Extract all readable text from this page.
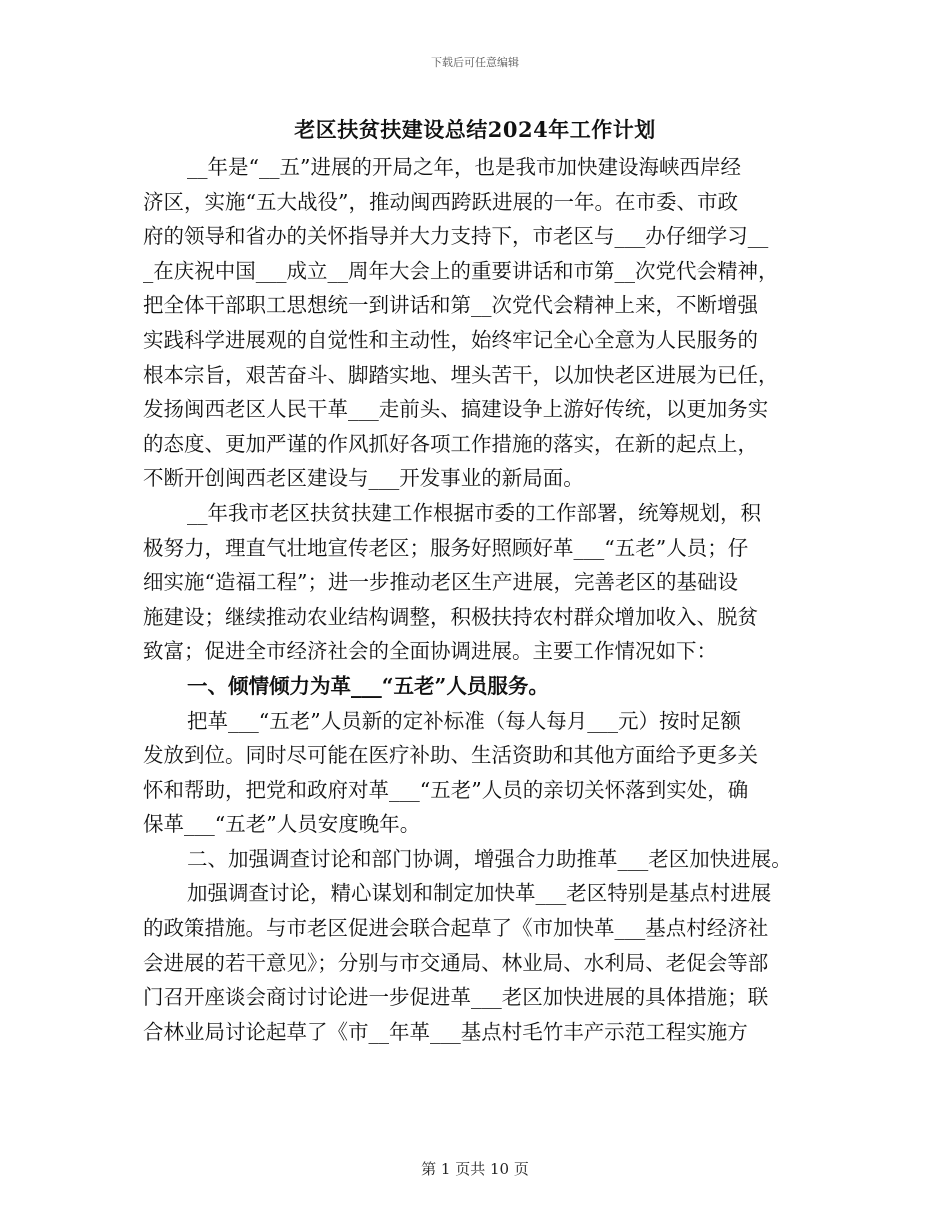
下载后可任意编辑
老区扶贫扶建设总结2024年工作计划
__年是“__五”进展的开局之年，也是我市加快建设海峡西岸经
济区，实施“五大战役”，推动闽西跨跃进展的一年。在市委、市政
府的领导和省办的关怀指导并大力支持下，市老区与___办仔细学习__
_在庆祝中国___成立__周年大会上的重要讲话和市第__次党代会精神，
把全体干部职工思想统一到讲话和第__次党代会精神上来，不断增强
实践科学进展观的自觉性和主动性，始终牢记全心全意为人民服务的
根本宗旨，艰苦奋斗、脚踏实地、埋头苦干，以加快老区进展为已任，
发扬闽西老区人民干革___走前头、搞建设争上游好传统，以更加务实
的态度、更加严谨的作风抓好各项工作措施的落实，在新的起点上，
不断开创闽西老区建设与___开发事业的新局面。
__年我市老区扶贫扶建工作根据市委的工作部署，统筹规划，积
极努力，理直气壮地宣传老区；服务好照顾好革___“五老”人员；仔
细实施“造福工程”；进一步推动老区生产进展，完善老区的基础设
施建设；继续推动农业结构调整，积极扶持农村群众增加收入、脱贫
致富；促进全市经济社会的全面协调进展。主要工作情况如下：
一、倾情倾力为革___“五老”人员服务。
把革___“五老”人员新的定补标准（每人每月___元）按时足额
发放到位。同时尽可能在医疗补助、生活资助和其他方面给予更多关
怀和帮助，把党和政府对革___“五老”人员的亲切关怀落到实处，确
保革___“五老”人员安度晚年。
二、加强调查讨论和部门协调，增强合力助推革___老区加快进展。
加强调查讨论，精心谋划和制定加快革___老区特别是基点村进展
的政策措施。与市老区促进会联合起草了《市加快革___基点村经济社
会进展的若干意见》；分别与市交通局、林业局、水利局、老促会等部
门召开座谈会商讨讨论进一步促进革___老区加快进展的具体措施；联
合林业局讨论起草了《市__年革___基点村毛竹丰产示范工程实施方
第 1 页共 10 页
